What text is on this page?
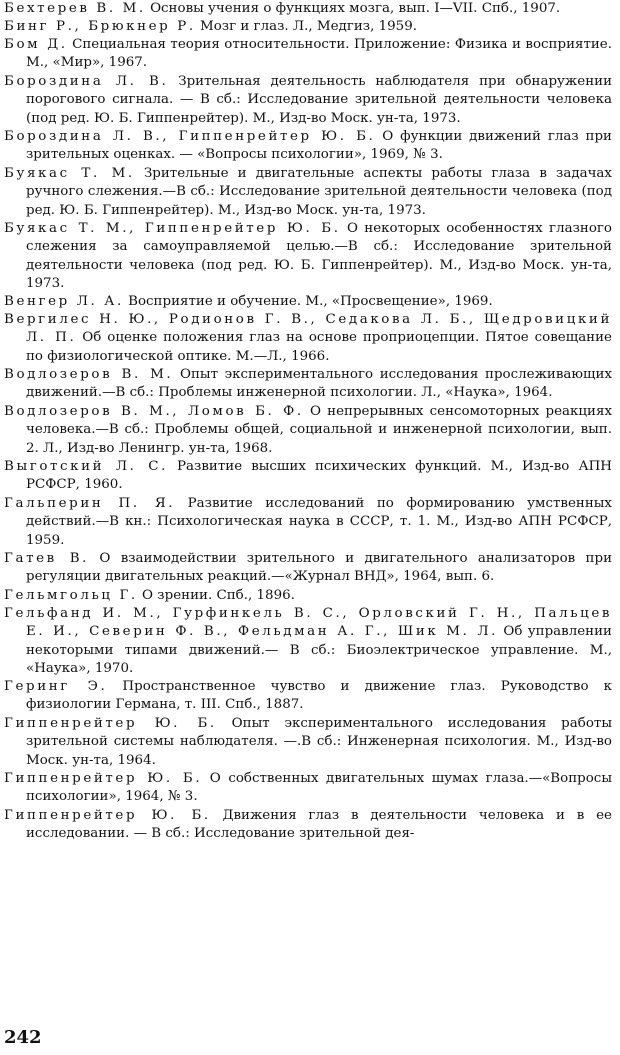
Бехтерев В. М. Основы учения о функциях мозга, вып. I—VII. Спб., 1907.
Бинг Р., Брюкнер Р. Мозг и глаз. Л., Медгиз, 1959.
Бом Д. Специальная теория относительности. Приложение: Физика и восприятие. М., «Мир», 1967.
Бороздина Л. В. Зрительная деятельность наблюдателя при обнаружении порогового сигнала. — В сб.: Исследование зрительной деятельности человека (под ред. Ю. Б. Гиппенрейтер). М., Изд-во Моск. ун-та, 1973.
Бороздина Л. В., Гиппенрейтер Ю. Б. О функции движений глаз при зрительных оценках. — «Вопросы психологии», 1969, № 3.
Буякас Т. М. Зрительные и двигательные аспекты работы глаза в задачах ручного слежения.—В сб.: Исследование зрительной деятельности человека (под ред. Ю. Б. Гиппенрейтер). М., Изд-во Моск. ун-та, 1973.
Буякас Т. М., Гиппенрейтер Ю. Б. О некоторых особенностях глазного слежения за самоуправляемой целью.—В сб.: Исследование зрительной деятельности человека (под ред. Ю. Б. Гиппенрейтер). М., Изд-во Моск. ун-та, 1973.
Венгер Л. А. Восприятие и обучение. М., «Просвещение», 1969.
Вергилес Н. Ю., Родионов Г. В., Седакова Л. Б., Щедровицкий Л. П. Об оценке положения глаз на основе проприоцепции. Пятое совещание по физиологической оптике. М.—Л., 1966.
Водлозеров В. М. Опыт экспериментального исследования прослеживающих движений.—В сб.: Проблемы инженерной психологии. Л., «Наука», 1964.
Водлозеров В. М., Ломов Б. Ф. О непрерывных сенсомоторных реакциях человека.—В сб.: Проблемы общей, социальной и инженерной психологии, вып. 2. Л., Изд-во Ленингр. ун-та, 1968.
Выготский Л. С. Развитие высших психических функций. М., Изд-во АПН РСФСР, 1960.
Гальперин П. Я. Развитие исследований по формированию умственных действий.—В кн.: Психологическая наука в СССР, т. 1. М., Изд-во АПН РСФСР, 1959.
Гатев В. О взаимодействии зрительного и двигательного анализаторов при регуляции двигательных реакций.—«Журнал ВНД», 1964, вып. 6.
Гельмгольц Г. О зрении. Спб., 1896.
Гельфанд И. М., Гурфинкель В. С., Орловский Г. Н., Пальцев Е. И., Северин Ф. В., Фельдман А. Г., Шик М. Л. Об управлении некоторыми типами движений.— В сб.: Биоэлектрическое управление. М., «Наука», 1970.
Геринг Э. Пространственное чувство и движение глаз. Руководство к физиологии Германа, т. III. Спб., 1887.
Гиппенрейтер Ю. Б. Опыт экспериментального исследования работы зрительной системы наблюдателя. —.В сб.: Инженерная психология. М., Изд-во Моск. ун-та, 1964.
Гиппенрейтер Ю. Б. О собственных двигательных шумах глаза.—«Вопросы психологии», 1964, № 3.
Гиппенрейтер Ю. Б. Движения глаз в деятельности человека и в ее исследовании. — В сб.: Исследование зрительной дея-
242
